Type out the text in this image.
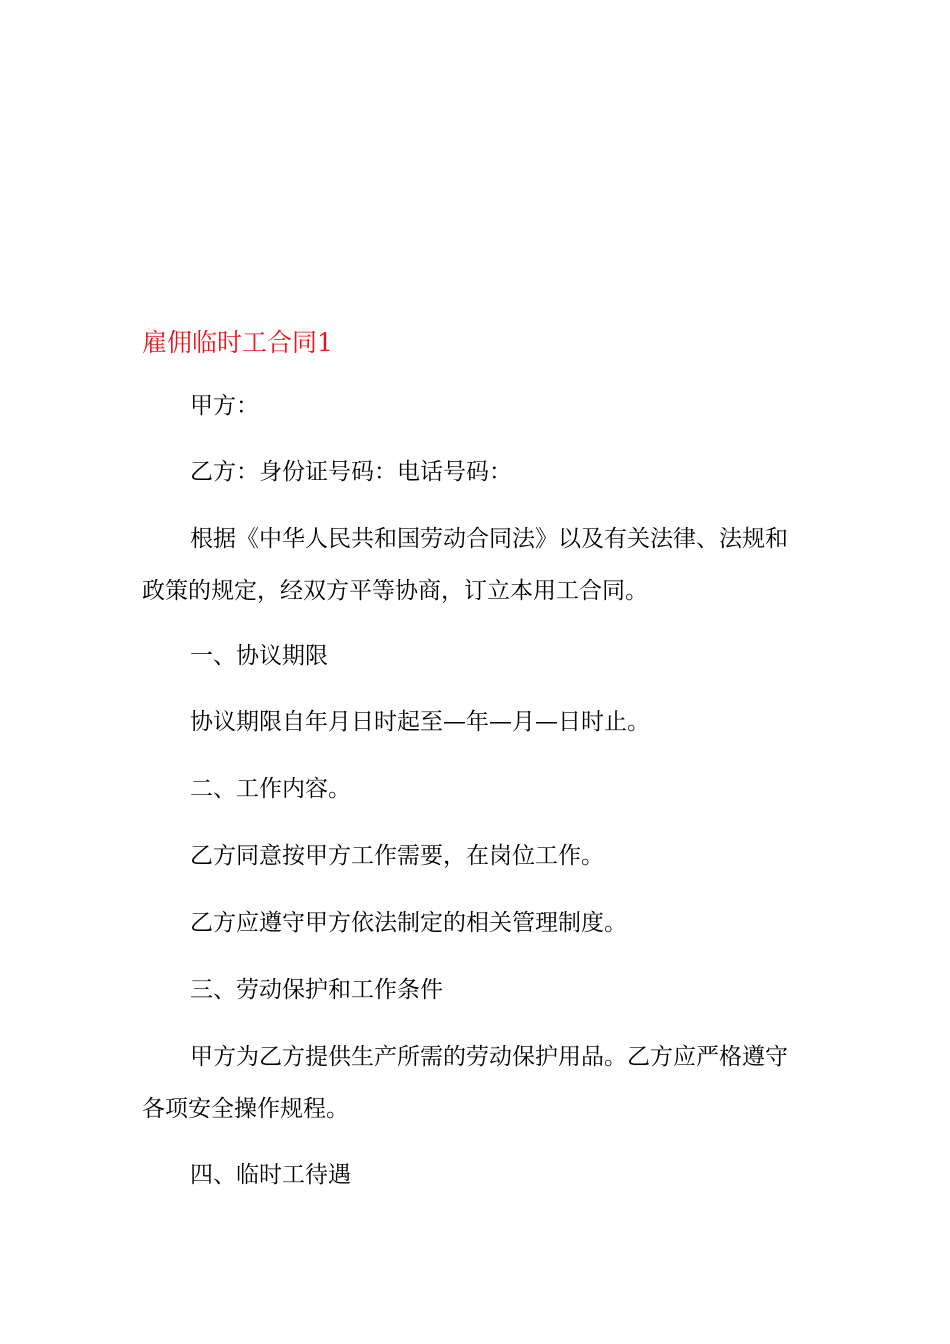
雇佣临时工合同1

甲方：

乙方：身份证号码：电话号码：

根据《中华人民共和国劳动合同法》以及有关法律、法规和政策的规定，经双方平等协商，订立本用工合同。

一、协议期限

协议期限自年月日时起至—年—月—日时止。

二、工作内容。

乙方同意按甲方工作需要，在岗位工作。

乙方应遵守甲方依法制定的相关管理制度。

三、劳动保护和工作条件

甲方为乙方提供生产所需的劳动保护用品。乙方应严格遵守各项安全操作规程。

四、临时工待遇
